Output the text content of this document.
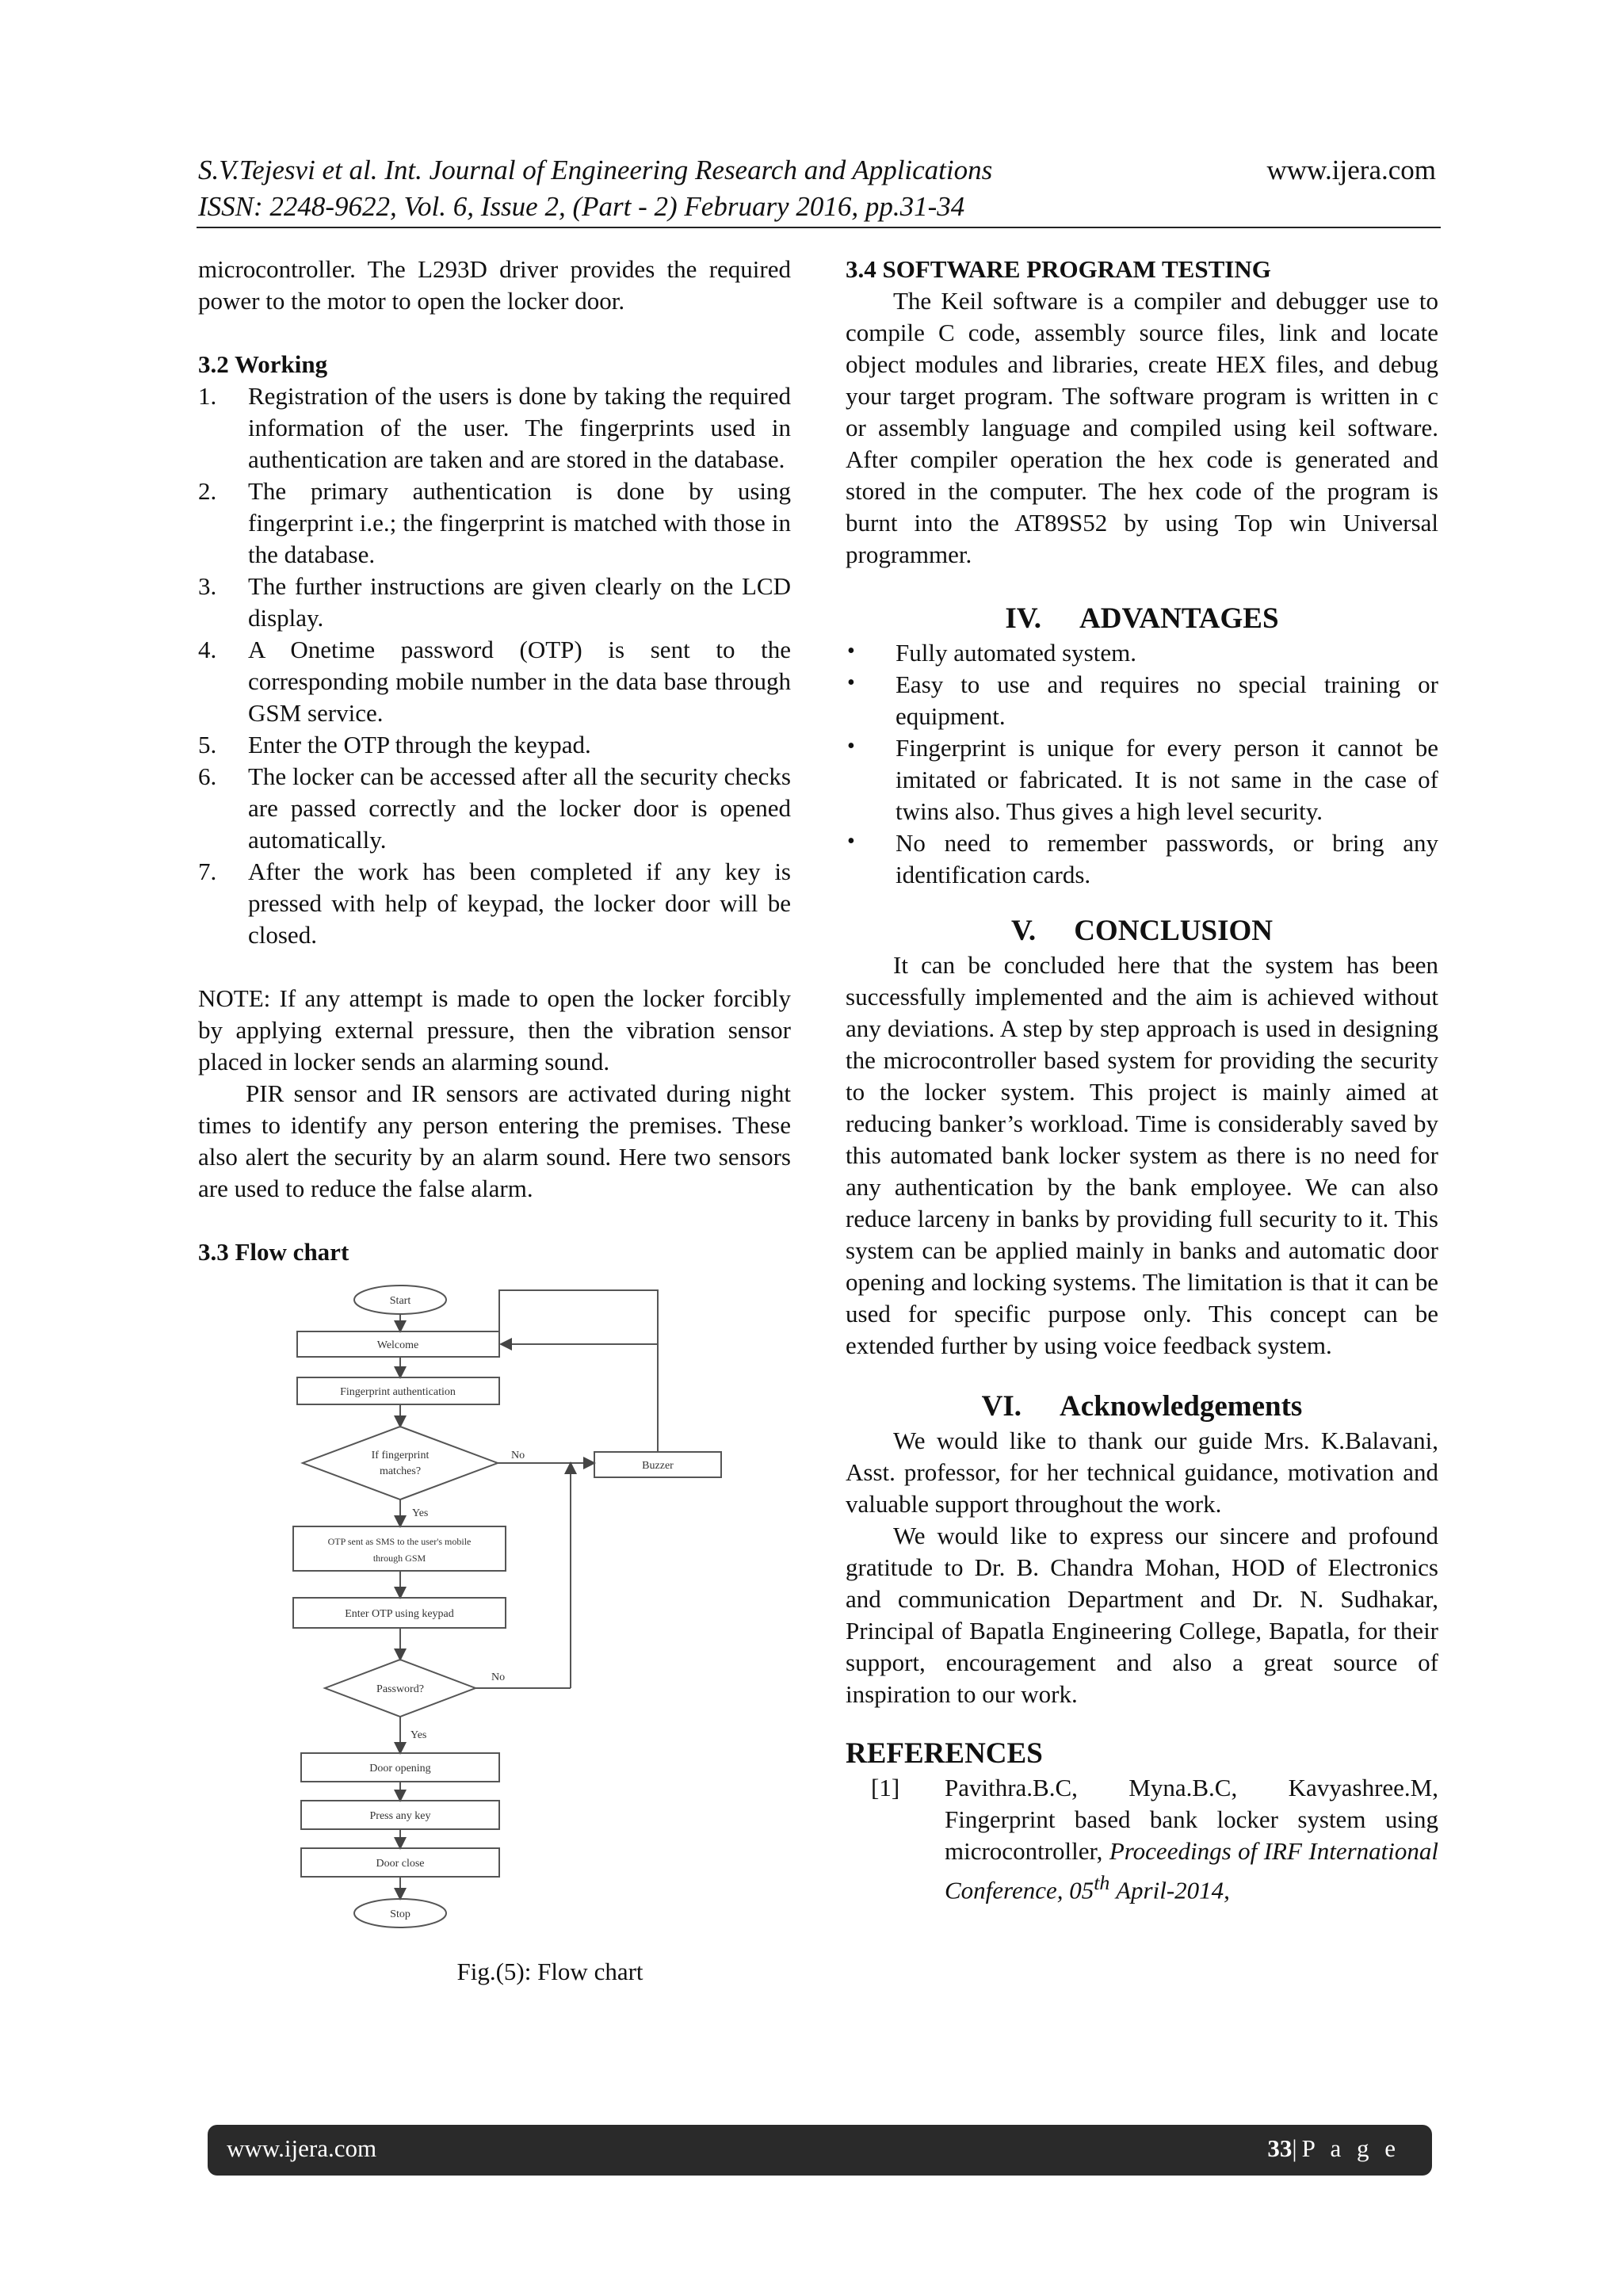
S.V.Tejesvi et al. Int. Journal of Engineering Research and Applications	www.ijera.com
ISSN: 2248-9622, Vol. 6, Issue 2, (Part - 2) February 2016, pp.31-34

microcontroller. The L293D driver provides the required power to the motor to open the locker door.

3.2 Working

1. Registration of the users is done by taking the required information of the user. The fingerprints used in authentication are taken and are stored in the database.
2. The primary authentication is done by using fingerprint i.e.; the fingerprint is matched with those in the database.
3. The further instructions are given clearly on the LCD display.
4. A Onetime password (OTP) is sent to the corresponding mobile number in the data base through GSM service.
5. Enter the OTP through the keypad.
6. The locker can be accessed after all the security checks are passed correctly and the locker door is opened automatically.
7. After the work has been completed if any key is pressed with help of keypad, the locker door will be closed.

NOTE: If any attempt is made to open the locker forcibly by applying external pressure, then the vibration sensor placed in locker sends an alarming sound.

PIR sensor and IR sensors are activated during night times to identify any person entering the premises. These also alert the security by an alarm sound. Here two sensors are used to reduce the false alarm.

3.3 Flow chart

Start
Welcome
Fingerprint authentication
If fingerprint
matches?
No
Buzzer
Yes
OTP sent as SMS to the user's mobile
through GSM
Enter OTP using keypad
Password?
No
Yes
Door opening
Press any key
Door close
Stop

Fig.(5): Flow chart

3.4 SOFTWARE PROGRAM TESTING

The Keil software is a compiler and debugger use to compile C code, assembly source files, link and locate object modules and libraries, create HEX files, and debug your target program. The software program is written in c or assembly language and compiled using keil software. After compiler operation the hex code is generated and stored in the computer. The hex code of the program is burnt into the AT89S52 by using Top win Universal programmer.

IV. ADVANTAGES

• Fully automated system.
• Easy to use and requires no special training or equipment.
• Fingerprint is unique for every person it cannot be imitated or fabricated. It is not same in the case of twins also. Thus gives a high level security.
• No need to remember passwords, or bring any identification cards.

V. CONCLUSION

It can be concluded here that the system has been successfully implemented and the aim is achieved without any deviations. A step by step approach is used in designing the microcontroller based system for providing the security to the locker system. This project is mainly aimed at reducing banker’s workload. Time is considerably saved by this automated bank locker system as there is no need for any authentication by the bank employee. We can also reduce larceny in banks by providing full security to it. This system can be applied mainly in banks and automatic door opening and locking systems. The limitation is that it can be used for specific purpose only. This concept can be extended further by using voice feedback system.

VI. Acknowledgements

We would like to thank our guide Mrs. K.Balavani, Asst. professor, for her technical guidance, motivation and valuable support throughout the work.

We would like to express our sincere and profound gratitude to Dr. B. Chandra Mohan, HOD of Electronics and communication Department and Dr. N. Sudhakar, Principal of Bapatla Engineering College, Bapatla, for their support, encouragement and also a great source of inspiration to our work.

REFERENCES

[1] Pavithra.B.C, Myna.B.C, Kavyashree.M, Fingerprint based bank locker system using microcontroller, Proceedings of IRF International Conference, 05th April-2014,
www.ijera.com	33|P a g e
